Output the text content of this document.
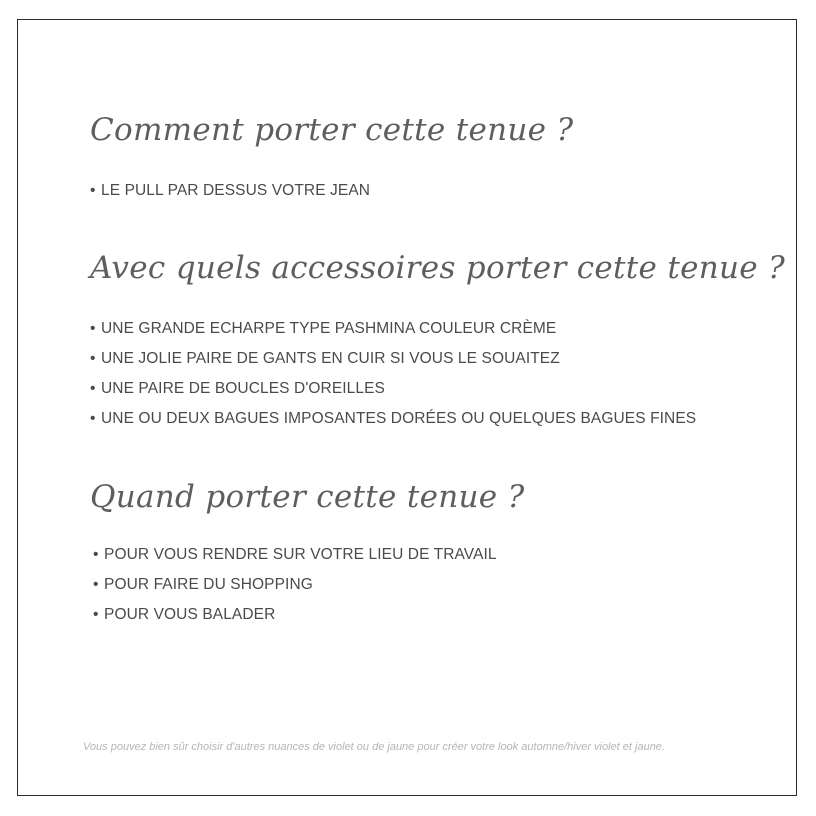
Comment porter cette tenue ?
• LE PULL PAR DESSUS VOTRE JEAN
Avec quels accessoires porter cette tenue ?
• UNE GRANDE ECHARPE TYPE PASHMINA COULEUR CRÈME
• UNE JOLIE PAIRE DE GANTS EN CUIR SI VOUS LE SOUAITEZ
• UNE PAIRE DE BOUCLES D'OREILLES
• UNE OU DEUX BAGUES IMPOSANTES DORÉES OU QUELQUES BAGUES FINES
Quand porter cette tenue ?
• POUR VOUS RENDRE SUR VOTRE LIEU DE TRAVAIL
• POUR FAIRE DU SHOPPING
• POUR VOUS BALADER
Vous pouvez bien sûr choisir d'autres nuances de violet ou de jaune pour créer votre look automne/hiver violet et jaune.
